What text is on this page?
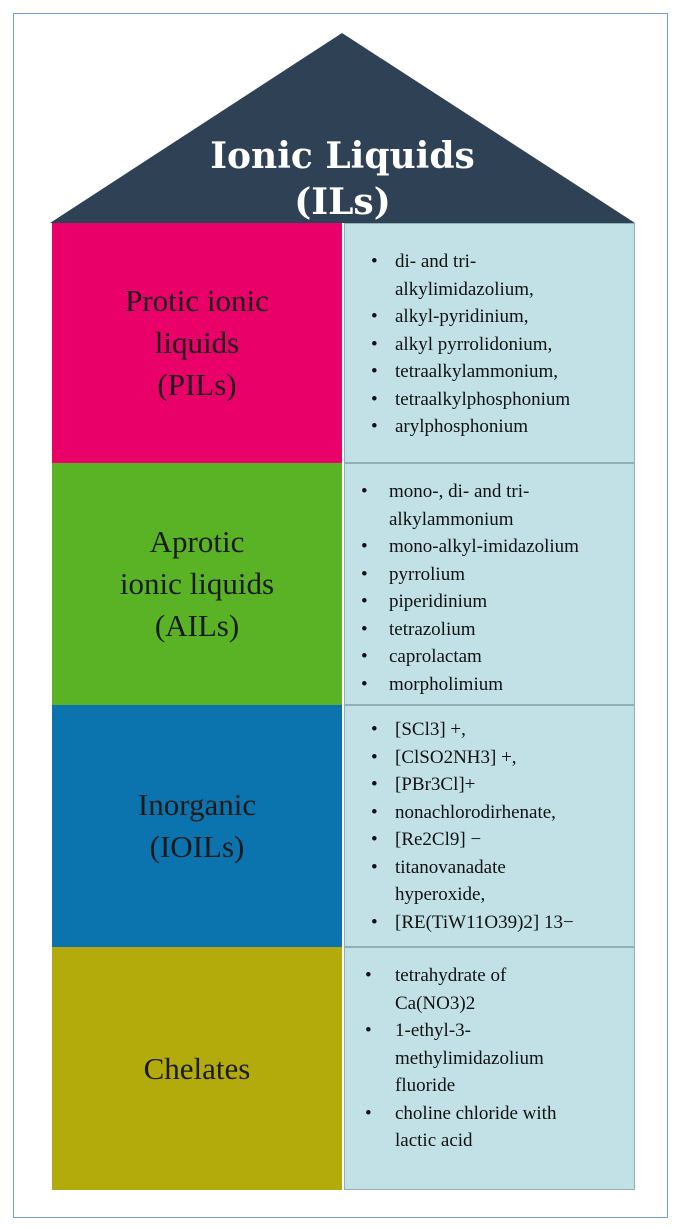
Ionic Liquids
(ILs)
Protic ionic
liquids
(PILs)
• di- and tri-
alkylimidazolium,
• alkyl-pyridinium,
• alkyl pyrrolidonium,
• tetraalkylammonium,
• tetraalkylphosphonium
• arylphosphonium
Aprotic
ionic liquids
(AILs)
• mono-, di- and tri-
alkylammonium
• mono-alkyl-imidazolium
• pyrrolium
• piperidinium
• tetrazolium
• caprolactam
• morpholimium
Inorganic
(IOILs)
• [SCl3] +,
• [ClSO2NH3] +,
• [PBr3Cl]+
• nonachlorodirhenate,
• [Re2Cl9] −
• titanovanadate
hyperoxide,
• [RE(TiW11O39)2] 13−
Chelates
• tetrahydrate of
Ca(NO3)2
• 1-ethyl-3-
methylimidazolium
fluoride
• choline chloride with
lactic acid
